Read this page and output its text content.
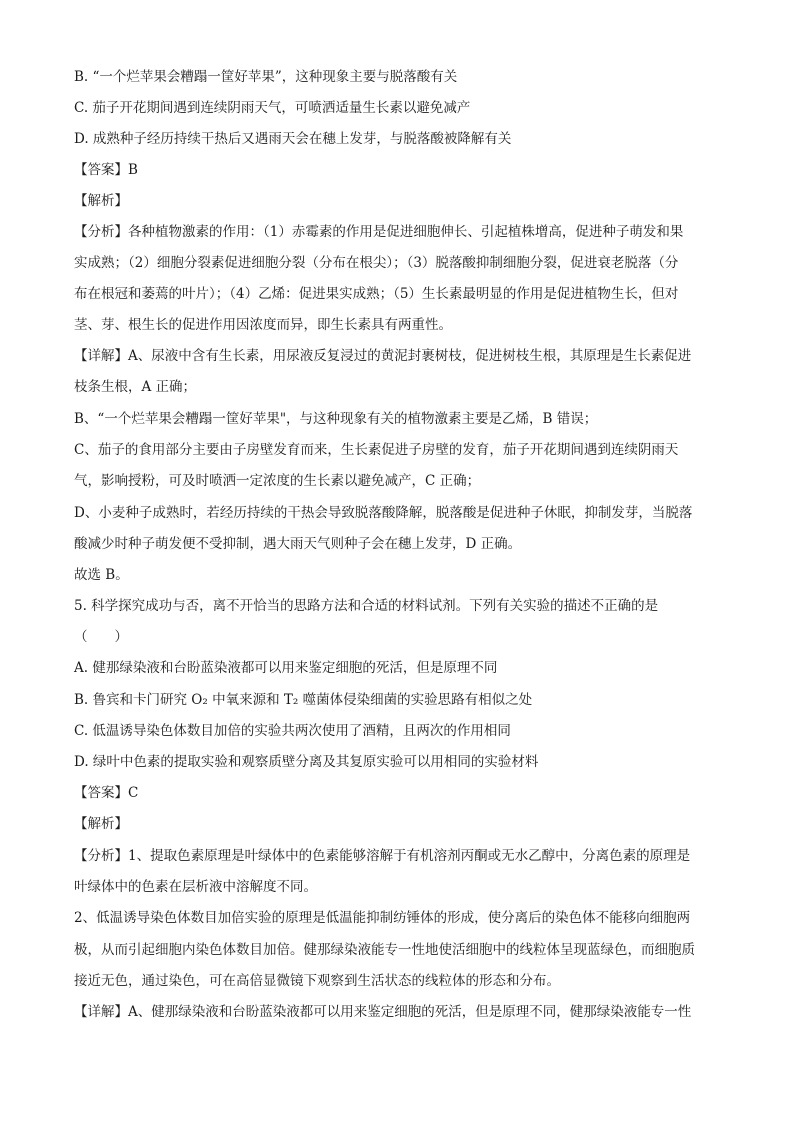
B. “一个烂苹果会糟蹋一筐好苹果”，这种现象主要与脱落酸有关
C. 茄子开花期间遇到连续阴雨天气，可喷洒适量生长素以避免减产
D. 成熟种子经历持续干热后又遇雨天会在穗上发芽，与脱落酸被降解有关
【答案】B
【解析】
【分析】各种植物激素的作用：（1）赤霉素的作用是促进细胞伸长、引起植株增高，促进种子萌发和果
实成熟；（2）细胞分裂素促进细胞分裂（分布在根尖）；（3）脱落酸抑制细胞分裂，促进衰老脱落（分
布在根冠和萎蔫的叶片）；（4）乙烯：促进果实成熟；（5）生长素最明显的作用是促进植物生长，但对
茎、芽、根生长的促进作用因浓度而异，即生长素具有两重性。
【详解】A、尿液中含有生长素，用尿液反复浸过的黄泥封裹树枝，促进树枝生根，其原理是生长素促进
枝条生根，A 正确；
B、“一个烂苹果会糟蹋一筐好苹果"，与这种现象有关的植物激素主要是乙烯，B 错误；
C、茄子的食用部分主要由子房壁发育而来，生长素促进子房壁的发育，茄子开花期间遇到连续阴雨天
气，影响授粉，可及时喷洒一定浓度的生长素以避免减产，C 正确；
D、小麦种子成熟时，若经历持续的干热会导致脱落酸降解，脱落酸是促进种子休眠，抑制发芽，当脱落
酸减少时种子萌发便不受抑制，遇大雨天气则种子会在穗上发芽，D 正确。
故选 B。
5. 科学探究成功与否，离不开恰当的思路方法和合适的材料试剂。下列有关实验的描述不正确的是
（　　）
A. 健那绿染液和台盼蓝染液都可以用来鉴定细胞的死活，但是原理不同
B. 鲁宾和卡门研究 O₂ 中氧来源和 T₂ 噬菌体侵染细菌的实验思路有相似之处
C. 低温诱导染色体数目加倍的实验共两次使用了酒精，且两次的作用相同
D. 绿叶中色素的提取实验和观察质壁分离及其复原实验可以用相同的实验材料
【答案】C
【解析】
【分析】1、提取色素原理是叶绿体中的色素能够溶解于有机溶剂丙酮或无水乙醇中，分离色素的原理是
叶绿体中的色素在层析液中溶解度不同。
2、低温诱导染色体数目加倍实验的原理是低温能抑制纺锤体的形成，使分离后的染色体不能移向细胞两
极，从而引起细胞内染色体数目加倍。健那绿染液能专一性地使活细胞中的线粒体呈现蓝绿色，而细胞质
接近无色，通过染色，可在高倍显微镜下观察到生活状态的线粒体的形态和分布。
【详解】A、健那绿染液和台盼蓝染液都可以用来鉴定细胞的死活，但是原理不同，健那绿染液能专一性
